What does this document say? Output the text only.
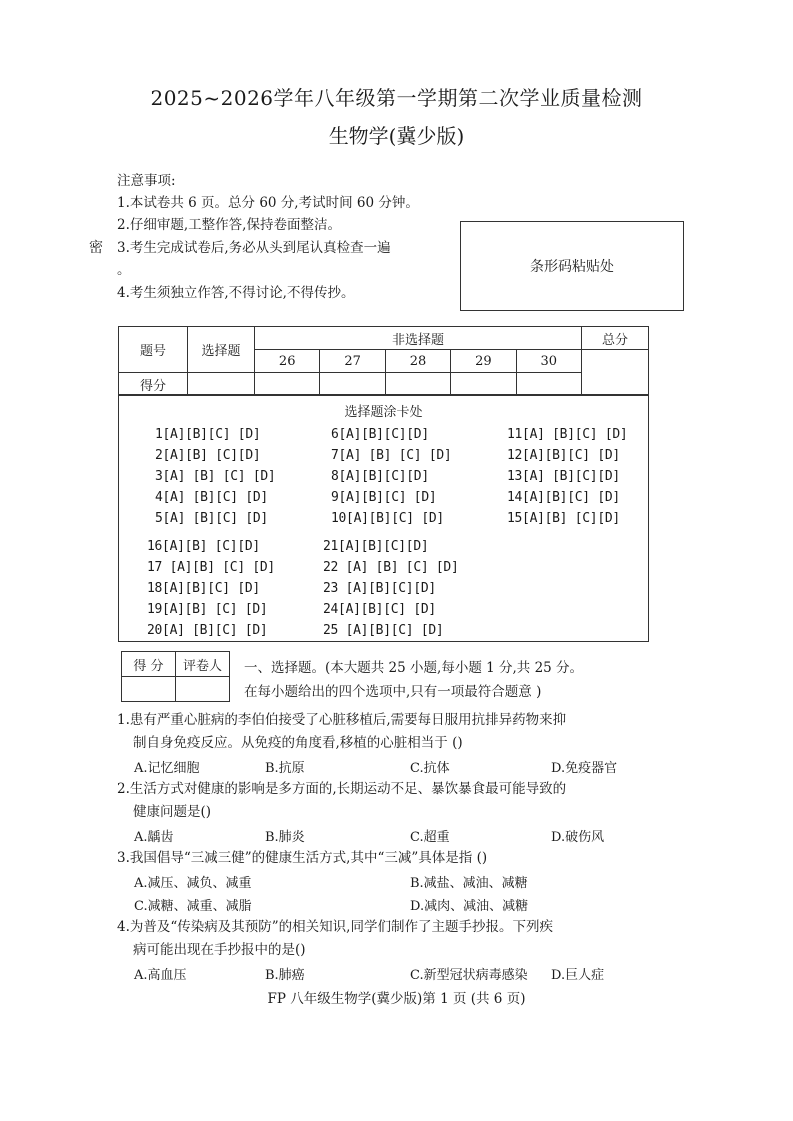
2025~2026学年八年级第一学期第二次学业质量检测
生物学(冀少版)
注意事项:
1.本试卷共 6 页。总分 60 分,考试时间 60 分钟。
2.仔细审题,工整作答,保持卷面整洁。
3.考生完成试卷后,务必从头到尾认真检查一遍
。
4.考生须独立作答,不得讨论,不得传抄。
密
条形码粘贴处
题号	选择题	非选择题					总分
		26	27	28	29	30	
得分							
选择题涂卡处
1[A][B][C] [D]
2[A][B] [C][D]
3[A] [B] [C] [D]
4[A] [B][C] [D]
5[A] [B][C] [D]
6[A][B][C][D]
7[A] [B] [C] [D]
8[A][B][C][D]
9[A][B][C] [D]
10[A][B][C] [D]
11[A] [B][C] [D]
12[A][B][C] [D]
13[A] [B][C][D]
14[A][B][C] [D]
15[A][B] [C][D]
16[A][B] [C][D]
17 [A][B] [C] [D]
18[A][B][C] [D]
19[A][B] [C] [D]
20[A] [B][C] [D]
21[A][B][C][D]
22 [A] [B] [C] [D]
23 [A][B][C][D]
24[A][B][C] [D]
25 [A][B][C] [D]
得 分	评卷人
	一、选择题。(本大题共 25 小题,每小题 1 分,共 25 分。
在每小题给出的四个选项中,只有一项最符合题意 )
1.患有严重心脏病的李伯伯接受了心脏移植后,需要每日服用抗排异药物来抑
制自身免疫反应。从免疫的角度看,移植的心脏相当于 ()
A.记忆细胞	B.抗原	C.抗体	D.免疫器官
2.生活方式对健康的影响是多方面的,长期运动不足、暴饮暴食最可能导致的
健康问题是()
A.龋齿	B.肺炎	C.超重	D.破伤风
3.我国倡导“三减三健”的健康生活方式,其中“三减”具体是指 ()
A.减压、减负、减重	B.减盐、减油、减糖
C.减糖、减重、减脂	D.减肉、减油、减糖
4.为普及“传染病及其预防”的相关知识,同学们制作了主题手抄报。下列疾
病可能出现在手抄报中的是()
A.高血压	B.肺癌	C.新型冠状病毒感染 D.巨人症
FP 八年级生物学(冀少版)第 1 页 (共 6 页)
